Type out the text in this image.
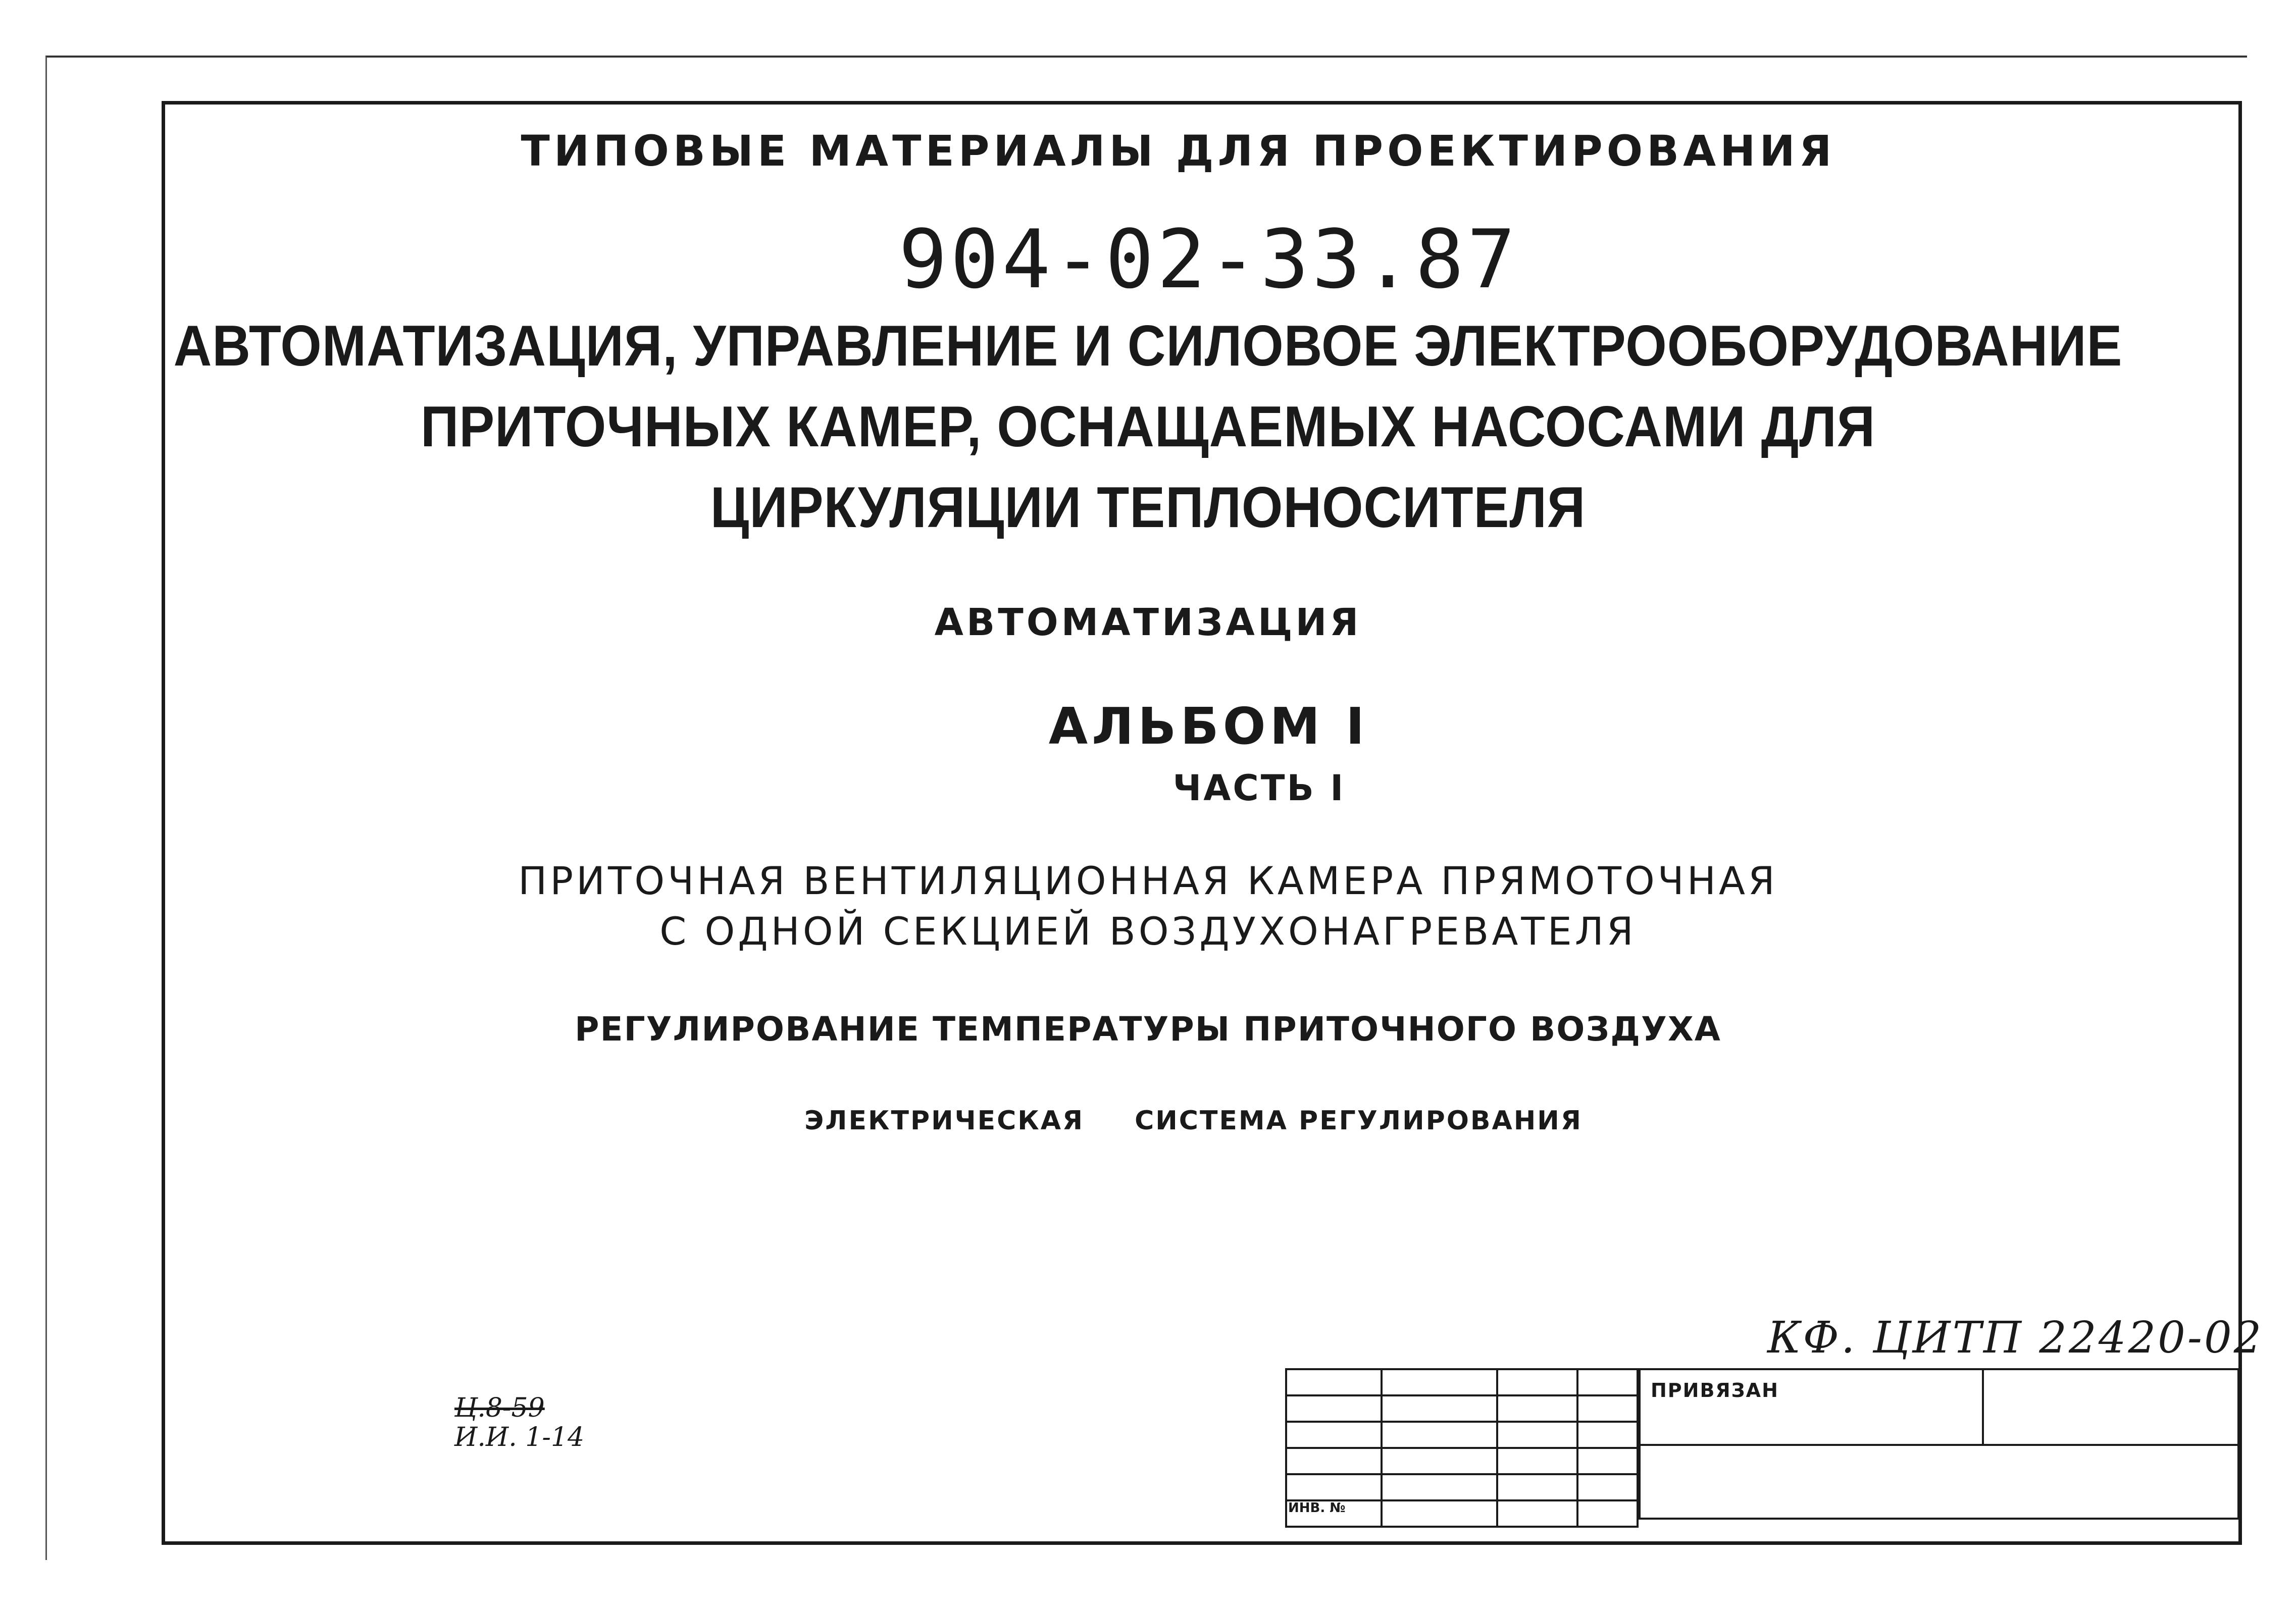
ТИПОВЫЕ МАТЕРИАЛЫ ДЛЯ ПРОЕКТИРОВАНИЯ
904-02-33.87
АВТОМАТИЗАЦИЯ, УПРАВЛЕНИЕ И СИЛОВОЕ ЭЛЕКТРООБОРУДОВАНИЕ
ПРИТОЧНЫХ КАМЕР, ОСНАЩАЕМЫХ НАСОСАМИ ДЛЯ
ЦИРКУЛЯЦИИ ТЕПЛОНОСИТЕЛЯ
АВТОМАТИЗАЦИЯ
АЛЬБОМ I
ЧАСТЬ I
ПРИТОЧНАЯ ВЕНТИЛЯЦИОННАЯ КАМЕРА ПРЯМОТОЧНАЯ
С ОДНОЙ СЕКЦИЕЙ ВОЗДУХОНАГРЕВАТЕЛЯ
РЕГУЛИРОВАНИЕ ТЕМПЕРАТУРЫ ПРИТОЧНОГО ВОЗДУХА
ЭЛЕКТРИЧЕСКАЯ СИСТЕМА РЕГУЛИРОВАНИЯ
КФ. ЦИТП 22420-02
Ц.8-59
И.И. 1-14

ИНВ. №
ПРИВЯЗАН
